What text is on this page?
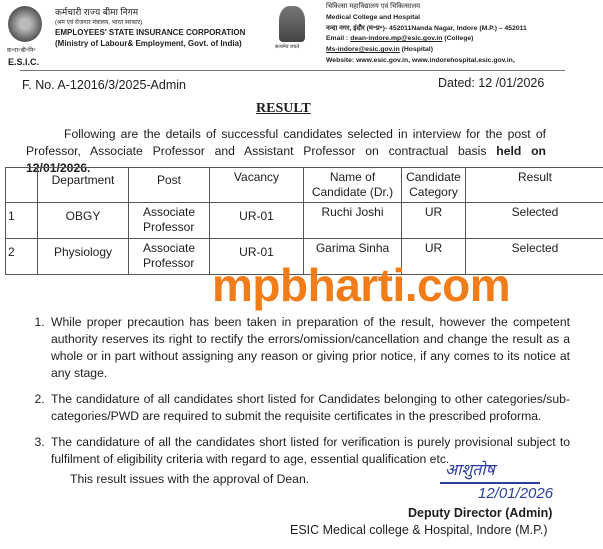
क॰रा॰बी॰नि॰
E.S.I.C.
कर्मचारी राज्य बीमा निगम
(श्रम एवं रोजगार मंत्रालय, भारत सरकार)
EMPLOYEES' STATE INSURANCE CORPORATION
(Ministry of Labour& Employment, Govt. of India)	सत्यमेव जयते
चिकित्सा महाविद्यालय एवं चिकित्सालय
Medical College and Hospital
नन्दा नगर, इंदौर (म॰प्र॰)- 452011Nanda Nagar, Indore (M.P.) – 452011
Email : dean-indore.mp@esic.gov.in (College)
Ms-indore@esic.gov.in (Hospital)
Website: www.esic.gov.in, www.indorehospital.esic.gov.in,
F. No. A-12016/3/2025-Admin	Dated: 12 /01/2026
RESULT
Following are the details of successful candidates selected in interview for the post of Professor, Associate Professor and Assistant Professor on contractual basis held on 12/01/2026.
	Department	Post	Vacancy	Name of Candidate (Dr.)	Candidate Category	Result
1	OBGY	Associate Professor	UR-01	Ruchi Joshi	UR	Selected
2	Physiology	Associate Professor	UR-01	Garima Sinha	UR	Selected
mpbharti.com
1. While proper precaution has been taken in preparation of the result, however the competent authority reserves its right to rectify the errors/omission/cancellation and change the result as a whole or in part without assigning any reason or giving prior notice, if any comes to its notice at any stage.
2. The candidature of all candidates short listed for Candidates belonging to other categories/sub-categories/PWD are required to submit the requisite certificates in the prescribed proforma.
3. The candidature of all the candidates short listed for verification is purely provisional subject to fulfilment of eligibility criteria with regard to age, essential qualification etc.
This result issues with the approval of Dean.	आशुतोष
12/01/2026
Deputy Director (Admin)
ESIC Medical college & Hospital, Indore (M.P.)
